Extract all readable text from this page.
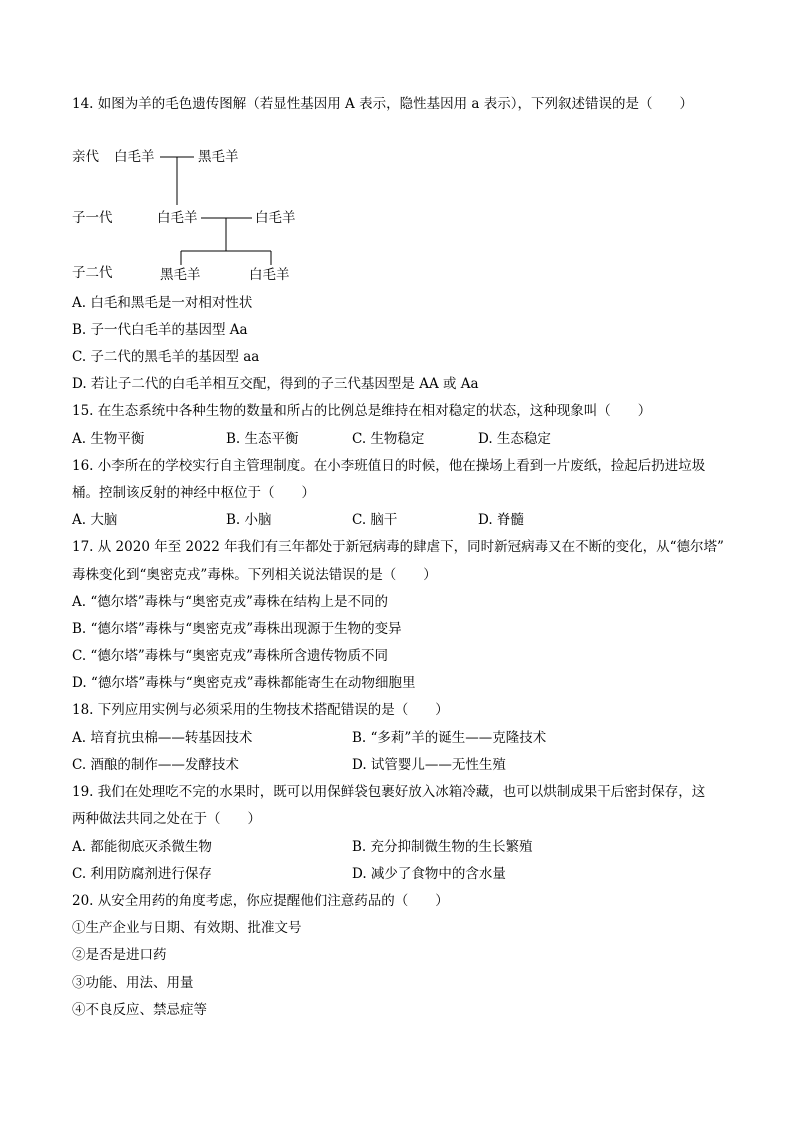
14. 如图为羊的毛色遗传图解（若显性基因用 A 表示，隐性基因用 a 表示），下列叙述错误的是（　　）
亲代 白毛羊	黑毛羊
子一代	白毛羊	白毛羊
子二代	黑毛羊	白毛羊
A. 白毛和黑毛是一对相对性状
B. 子一代白毛羊的基因型 Aa
C. 子二代的黑毛羊的基因型 aa
D. 若让子二代的白毛羊相互交配，得到的子三代基因型是 AA 或 Aa
15. 在生态系统中各种生物的数量和所占的比例总是维持在相对稳定的状态，这种现象叫（　　）
A. 生物平衡	B. 生态平衡	C. 生物稳定	D. 生态稳定
16. 小李所在的学校实行自主管理制度。在小李班值日的时候，他在操场上看到一片废纸，捡起后扔进垃圾
桶。控制该反射的神经中枢位于（　　）
A. 大脑	B. 小脑	C. 脑干	D. 脊髓
17. 从 2020 年至 2022 年我们有三年都处于新冠病毒的肆虐下，同时新冠病毒又在不断的变化，从“德尔塔”
毒株变化到“奥密克戎”毒株。下列相关说法错误的是（　　）
A. “德尔塔”毒株与“奥密克戎”毒株在结构上是不同的
B. “德尔塔”毒株与“奥密克戎”毒株出现源于生物的变异
C. “德尔塔”毒株与“奥密克戎”毒株所含遗传物质不同
D. “德尔塔”毒株与“奥密克戎”毒株都能寄生在动物细胞里
18. 下列应用实例与必须采用的生物技术搭配错误的是（　　）
A. 培育抗虫棉——转基因技术	B. “多莉”羊的诞生——克隆技术
C. 酒酿的制作——发酵技术	D. 试管婴儿——无性生殖
19. 我们在处理吃不完的水果时，既可以用保鲜袋包裹好放入冰箱冷藏，也可以烘制成果干后密封保存，这
两种做法共同之处在于（　　）
A. 都能彻底灭杀微生物	B. 充分抑制微生物的生长繁殖
C. 利用防腐剂进行保存	D. 减少了食物中的含水量
20. 从安全用药的角度考虑，你应提醒他们注意药品的（　　）
①生产企业与日期、有效期、批准文号
②是否是进口药
③功能、用法、用量
④不良反应、禁忌症等
